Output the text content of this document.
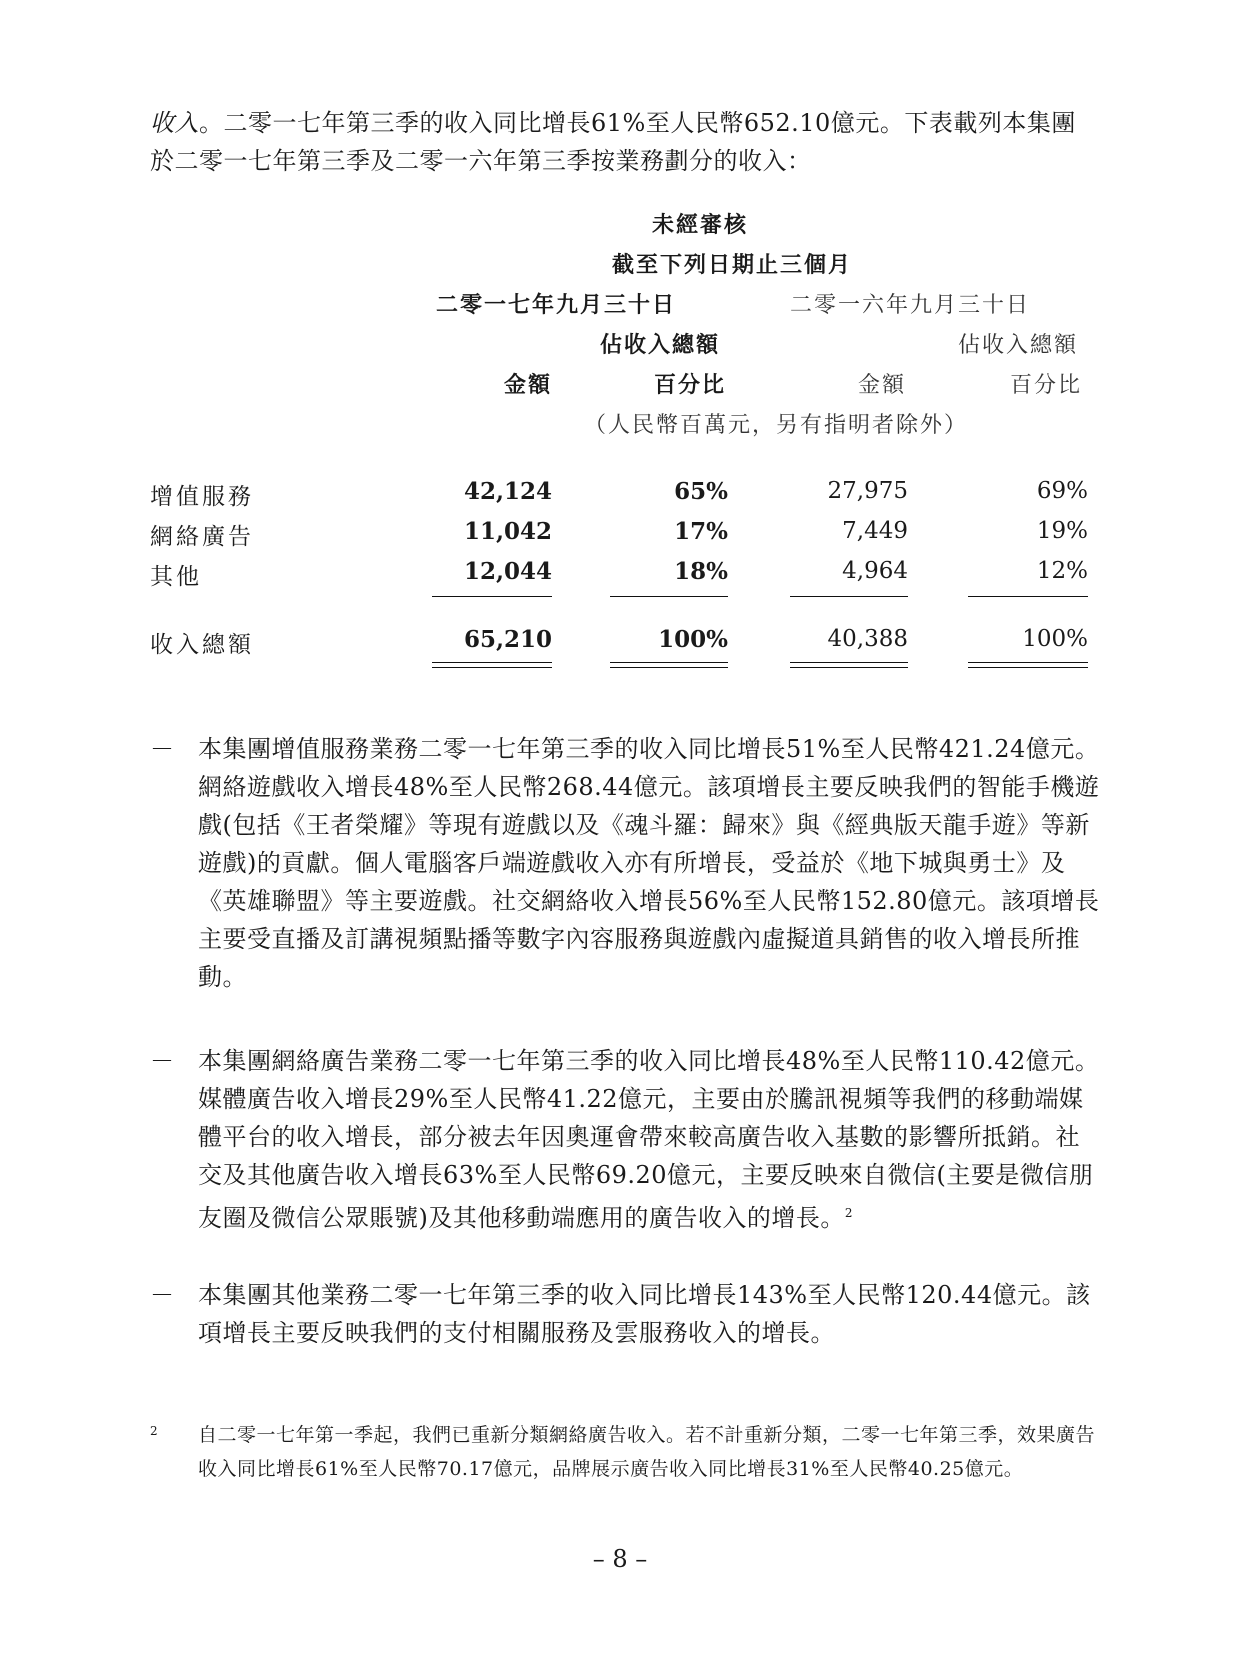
收入。二零一七年第三季的收入同比增長61%至人民幣652.10億元。下表載列本集團於二零一七年第三季及二零一六年第三季按業務劃分的收入：
未經審核
截至下列日期止三個月
二零一七年九月三十日	二零一六年九月三十日
佔收入總額	佔收入總額
金額	百分比	金額	百分比
（人民幣百萬元，另有指明者除外）
增值服務	42,124	65%	27,975	69%
網絡廣告	11,042	17%	7,449	19%
其他	12,044	18%	4,964	12%
收入總額	65,210	100%	40,388	100%
－ 本集團增值服務業務二零一七年第三季的收入同比增長51%至人民幣421.24億元。網絡遊戲收入增長48%至人民幣268.44億元。該項增長主要反映我們的智能手機遊戲(包括《王者榮耀》等現有遊戲以及《魂斗羅：歸來》與《經典版天龍手遊》等新遊戲)的貢獻。個人電腦客戶端遊戲收入亦有所增長，受益於《地下城與勇士》及《英雄聯盟》等主要遊戲。社交網絡收入增長56%至人民幣152.80億元。該項增長主要受直播及訂講視頻點播等數字內容服務與遊戲內虛擬道具銷售的收入增長所推動。
－ 本集團網絡廣告業務二零一七年第三季的收入同比增長48%至人民幣110.42億元。媒體廣告收入增長29%至人民幣41.22億元，主要由於騰訊視頻等我們的移動端媒體平台的收入增長，部分被去年因奧運會帶來較高廣告收入基數的影響所抵銷。社交及其他廣告收入增長63%至人民幣69.20億元，主要反映來自微信(主要是微信朋友圈及微信公眾賬號)及其他移動端應用的廣告收入的增長。$^2$
－ 本集團其他業務二零一七年第三季的收入同比增長143%至人民幣120.44億元。該項增長主要反映我們的支付相關服務及雲服務收入的增長。
2 自二零一七年第一季起，我們已重新分類網絡廣告收入。若不計重新分類，二零一七年第三季，效果廣告收入同比增長61%至人民幣70.17億元，品牌展示廣告收入同比增長31%至人民幣40.25億元。
– 8 –
